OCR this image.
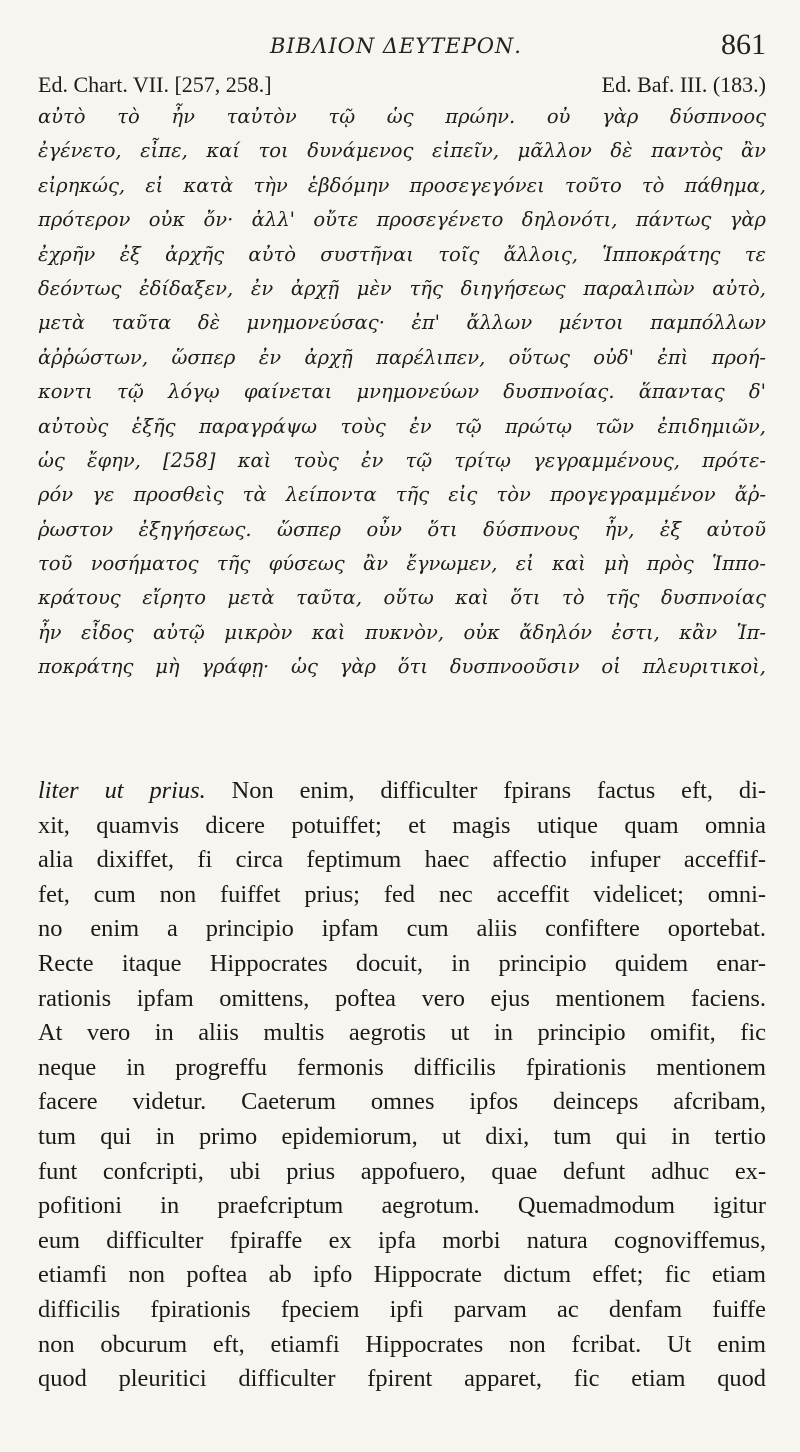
ΒΙΒΛΙΟΝ ΔΕΥΤΕΡΟΝ.	861
Ed. Chart. VII. [257, 258.]	Ed. Baf. III. (183.)
αὐτὸ τὸ ἦν ταὐτὸν τῷ ὡς πρώην. οὐ γὰρ δύσπνοος
ἐγένετο, εἶπε, καί τοι δυνάμενος εἰπεῖν, μᾶλλον δὲ παντὸς ἂν
εἰρηκώς, εἰ κατὰ τὴν ἑβδόμην προσεγεγόνει τοῦτο τὸ πάθημα,
πρότερον οὐκ ὄν· ἀλλ' οὔτε προσεγένετο δηλονότι, πάντως γὰρ
ἐχρῆν ἐξ ἀρχῆς αὐτὸ συστῆναι τοῖς ἄλλοις, Ἱπποκράτης τε
δεόντως ἐδίδαξεν, ἐν ἀρχῇ μὲν τῆς διηγήσεως παραλιπὼν αὐτὸ,
μετὰ ταῦτα δὲ μνημονεύσας· ἐπ' ἄλλων μέντοι παμπόλλων
ἀῤῥώστων, ὥσπερ ἐν ἀρχῇ παρέλιπεν, οὕτως οὐδ' ἐπὶ προή-
κοντι τῷ λόγῳ φαίνεται μνημονεύων δυσπνοίας. ἅπαντας δ'
αὐτοὺς ἑξῆς παραγράψω τοὺς ἐν τῷ πρώτῳ τῶν ἐπιδημιῶν,
ὡς ἔφην, [258] καὶ τοὺς ἐν τῷ τρίτῳ γεγραμμένους, πρότε-
ρόν γε προσθεὶς τὰ λείποντα τῆς εἰς τὸν προγεγραμμένον ἄῤ-
ῥωστον ἐξηγήσεως. ὥσπερ οὖν ὅτι δύσπνους ἦν, ἐξ αὐτοῦ
τοῦ νοσήματος τῆς φύσεως ἂν ἔγνωμεν, εἰ καὶ μὴ πρὸς Ἱππο-
κράτους εἴρητο μετὰ ταῦτα, οὕτω καὶ ὅτι τὸ τῆς δυσπνοίας
ἦν εἶδος αὐτῷ μικρὸν καὶ πυκνὸν, οὐκ ἄδηλόν ἐστι, κἂν Ἱπ-
ποκράτης μὴ γράφῃ· ὡς γὰρ ὅτι δυσπνοοῦσιν οἱ πλευριτικοὶ,
liter ut prius. Non enim, difficulter fpirans factus eft, di-
xit, quamvis dicere potuiffet; et magis utique quam omnia
alia dixiffet, fi circa feptimum haec affectio infuper acceffif-
fet, cum non fuiffet prius; fed nec acceffit videlicet; omni-
no enim a principio ipfam cum aliis confiftere oportebat.
Recte itaque Hippocrates docuit, in principio quidem enar-
rationis ipfam omittens, poftea vero ejus mentionem faciens.
At vero in aliis multis aegrotis ut in principio omifit, fic
neque in progreffu fermonis difficilis fpirationis mentionem
facere videtur. Caeterum omnes ipfos deinceps afcribam,
tum qui in primo epidemiorum, ut dixi, tum qui in tertio
funt confcripti, ubi prius appofuero, quae defunt adhuc ex-
pofitioni in praefcriptum aegrotum. Quemadmodum igitur
eum difficulter fpiraffe ex ipfa morbi natura cognoviffemus,
etiamfi non poftea ab ipfo Hippocrate dictum effet; fic etiam
difficilis fpirationis fpeciem ipfi parvam ac denfam fuiffe
non obcurum eft, etiamfi Hippocrates non fcribat. Ut enim
quod pleuritici difficulter fpirent apparet, fic etiam quod
